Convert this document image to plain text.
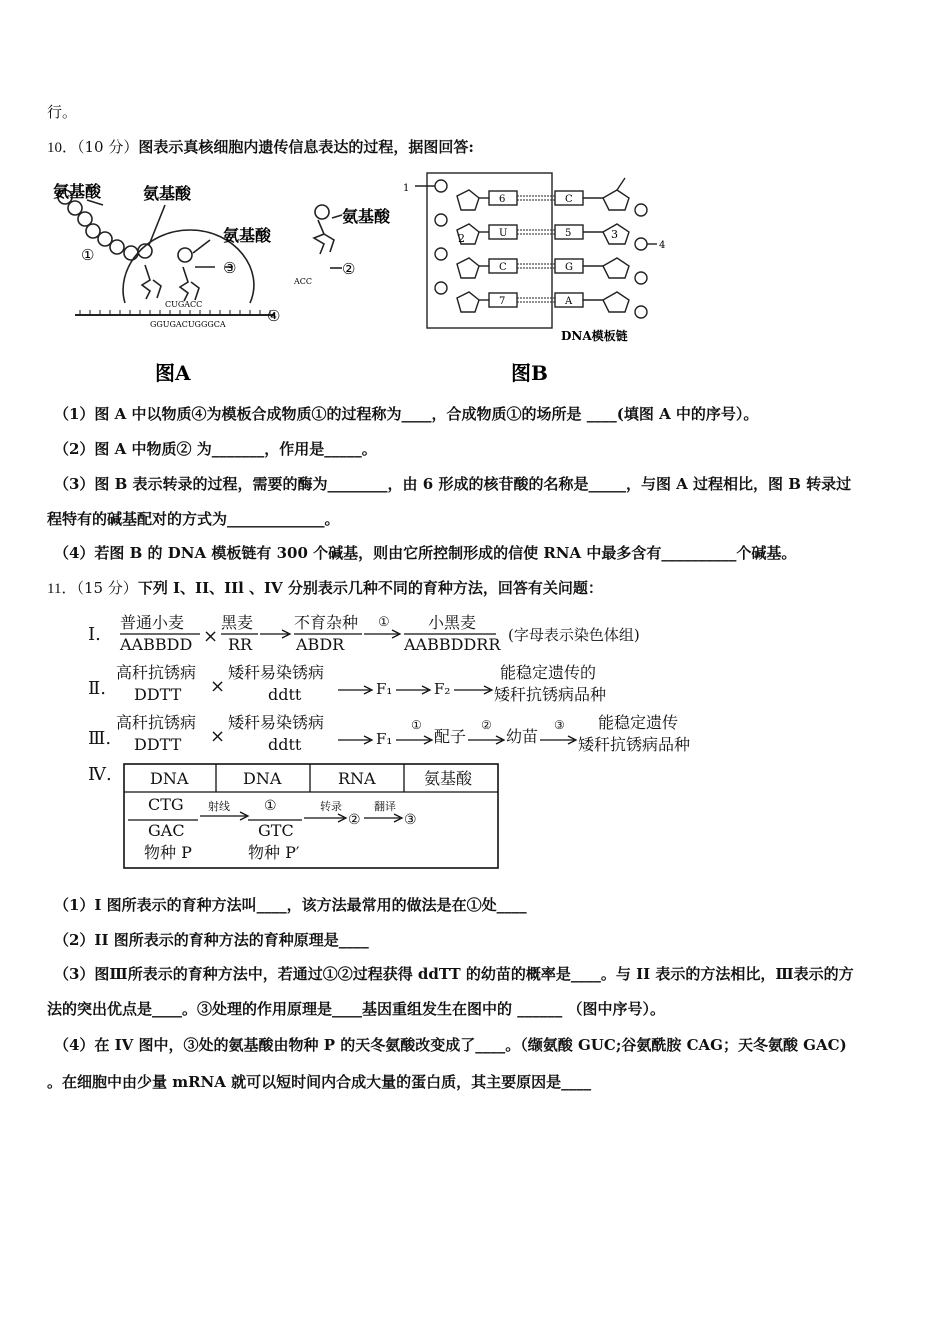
行。
10．（10 分）图表示真核细胞内遗传信息表达的过程，据图回答:
氨基酸	氨基酸
氨基酸
①
③
CUGACC
GGUGACUGGGCA	④
图A
氨基酸
②
ACC
6
U
C
7
C
5
G
A
1
2	3
4
DNA模板链
图B
（1）图 A 中以物质④为模板合成物质①的过程称为____，合成物质①的场所是 ____(填图 A 中的序号）。
（2）图 A 中物质② 为_______，作用是_____。
（3）图 B 表示转录的过程，需要的酶为________，由 6 形成的核苷酸的名称是_____，与图 A 过程相比，图 B 转录过
程特有的碱基配对的方式为_____________。
（4）若图 B 的 DNA 模板链有 300 个碱基，则由它所控制形成的信使 RNA 中最多含有__________个碱基。
11．（15 分）下列 I、II、IIl 、IV 分别表示几种不同的育种方法，回答有关问题：
Ⅰ.
普通小麦
AABBDD ×
黑麦
RR
不育杂种
ABDR
① 小黑麦
AABBDDRR (字母表示染色体组)
Ⅱ.
高秆抗锈病
DDTT ×
矮秆易染锈病
ddtt	F₁	F₂
能稳定遗传的
矮秆抗锈病品种
Ⅲ.
高秆抗锈病
DDTT ×
矮秆易染锈病
ddtt	F₁
①
配子
②
幼苗
③ 能稳定遗传
矮秆抗锈病品种
Ⅳ. DNA	DNA	RNA	氨基酸
CTG
GAC
物种 P
射线 ①
GTC
物种 P′
转录
②
翻译
③
（1）I 图所表示的育种方法叫____，该方法最常用的做法是在①处____
（2）II 图所表示的育种方法的育种原理是____
（3）图Ⅲ所表示的育种方法中，若通过①②过程获得 ddTT 的幼苗的概率是____。与 II 表示的方法相比，Ⅲ表示的方
法的突出优点是____。③处理的作用原理是____基因重组发生在图中的 ______ （图中序号）。
（4）在 IV 图中，③处的氨基酸由物种 P 的天冬氨酸改变成了____。（缬氨酸 GUC;谷氨酰胺 CAG；天冬氨酸 GAC)
。在细胞中由少量 mRNA 就可以短时间内合成大量的蛋白质，其主要原因是____
